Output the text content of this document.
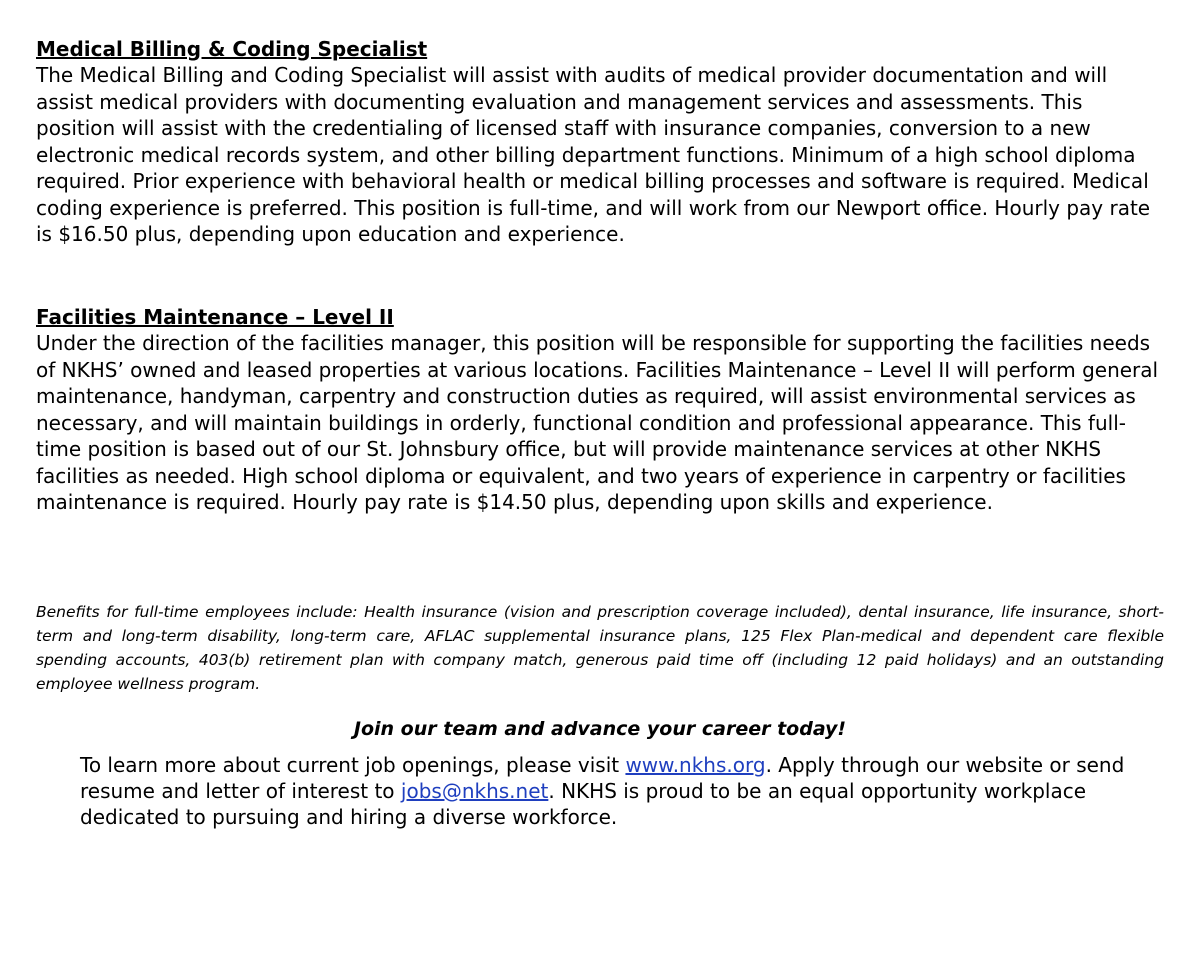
Medical Billing & Coding Specialist

The Medical Billing and Coding Specialist will assist with audits of medical provider documentation and will assist medical providers with documenting evaluation and management services and assessments. This position will assist with the credentialing of licensed staff with insurance companies, conversion to a new electronic medical records system, and other billing department functions. Minimum of a high school diploma required. Prior experience with behavioral health or medical billing processes and software is required. Medical coding experience is preferred. This position is full-time, and will work from our Newport office. Hourly pay rate is $16.50 plus, depending upon education and experience.

Facilities Maintenance – Level II

Under the direction of the facilities manager, this position will be responsible for supporting the facilities needs of NKHS’ owned and leased properties at various locations. Facilities Maintenance – Level II will perform general maintenance, handyman, carpentry and construction duties as required, will assist environmental services as necessary, and will maintain buildings in orderly, functional condition and professional appearance. This full-time position is based out of our St. Johnsbury office, but will provide maintenance services at other NKHS facilities as needed. High school diploma or equivalent, and two years of experience in carpentry or facilities maintenance is required. Hourly pay rate is $14.50 plus, depending upon skills and experience.

Benefits for full-time employees include: Health insurance (vision and prescription coverage included), dental insurance, life insurance, short-term and long-term disability, long-term care, AFLAC supplemental insurance plans, 125 Flex Plan-medical and dependent care flexible spending accounts, 403(b) retirement plan with company match, generous paid time off (including 12 paid holidays) and an outstanding employee wellness program.

Join our team and advance your career today!

To learn more about current job openings, please visit www.nkhs.org. Apply through our website or send resume and letter of interest to jobs@nkhs.net. NKHS is proud to be an equal opportunity workplace dedicated to pursuing and hiring a diverse workforce.
